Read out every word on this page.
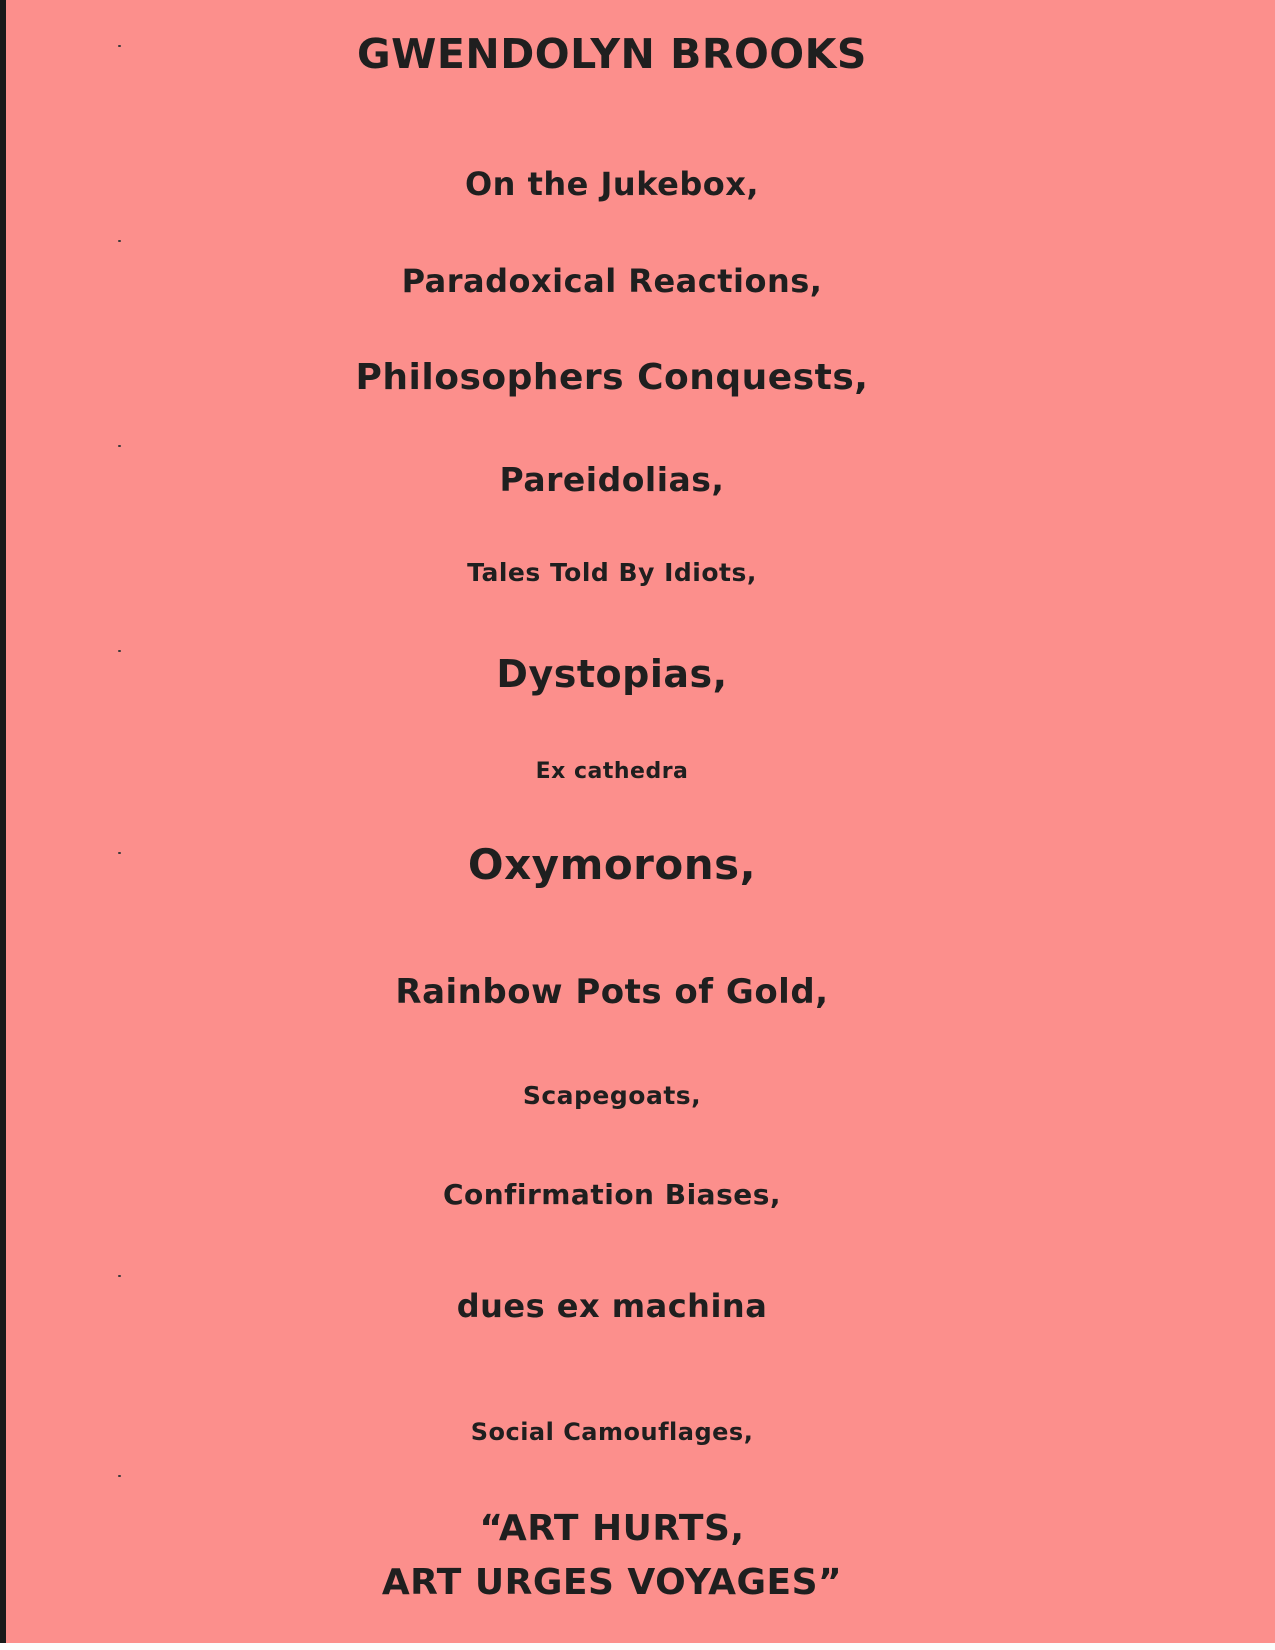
GWENDOLYN BROOKS
On the Jukebox,
Paradoxical Reactions,
Philosophers Conquests,
Pareidolias,
Tales Told By Idiots,
Dystopias,
Ex cathedra
Oxymorons,
Rainbow Pots of Gold,
Scapegoats,
Confirmation Biases,
dues ex machina
Social Camouflages,
“ART HURTS,
ART URGES VOYAGES”
